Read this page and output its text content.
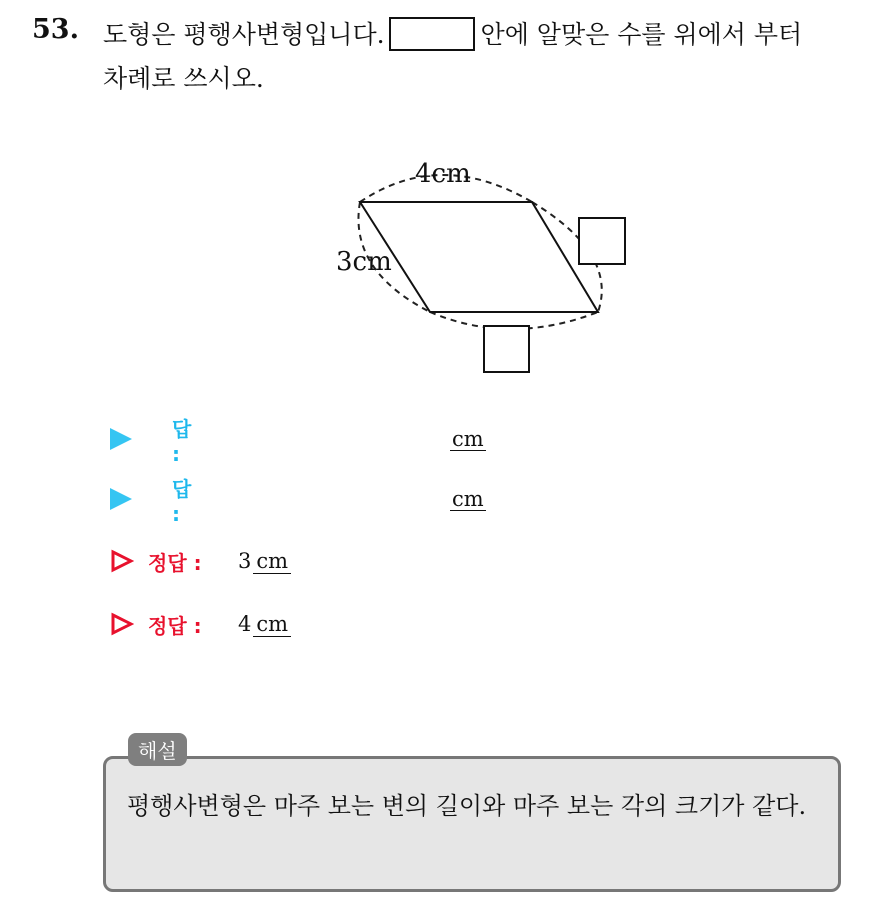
53. 도형은 평행사변형입니다.	안에 알맞은 수를 위에서 부터
차례로 쓰시오.
4cm
3cm
답 :
cm
답 :
cm
정답 : 3 cm
정답 : 4 cm
해설
평행사변형은 마주 보는 변의 길이와 마주 보는 각의 크기가 같다.
